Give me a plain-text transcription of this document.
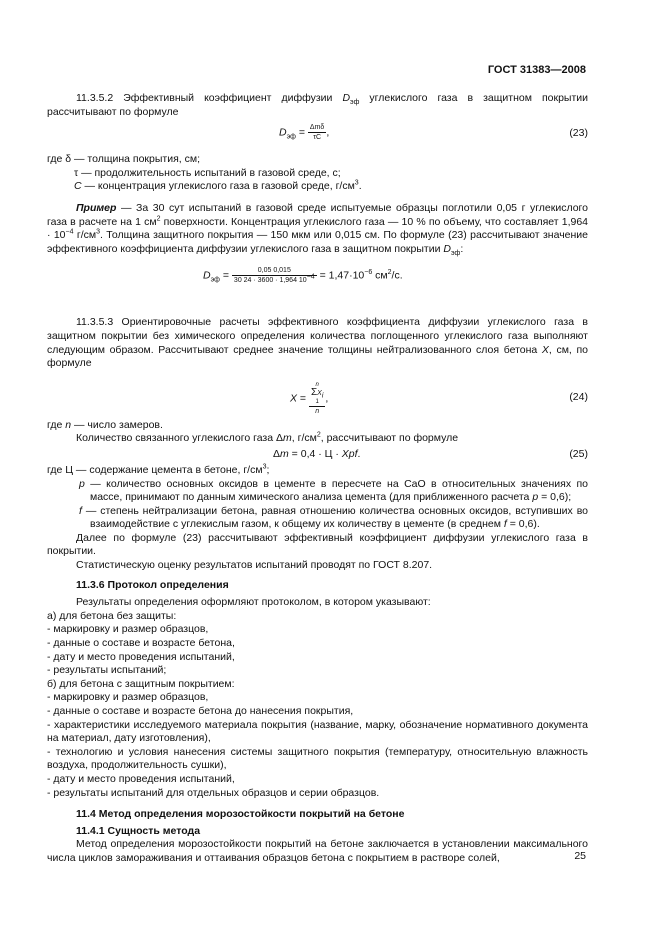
ГОСТ 31383—2008

11.3.5.2 Эффективный коэффициент диффузии $D_{эф}$ углекислого газа в защитном покрытии рассчитывают по формуле

$D_{эф} = \frac{\text{Δmδ}}{\tau C}$ ,	(23)

где δ — толщина покрытия, см;

τ — продолжительность испытаний в газовой среде, с;

C — концентрация углекислого газа в газовой среде, $г/см^3$.

Пример — За 30 сут испытаний в газовой среде испытуемые образцы поглотили 0,05 г углекислого газа в расчете на 1 $см^2$ поверхности. Концентрация углекислого газа — 10 % по объему, что составляет $1,964 \cdot 10^{-4}$ $г/см^3$. Толщина защитного покрытия — 150 мкм или 0,015 см. По формуле (23) рассчитывают значение эффективного коэффициента диффузии углекислого газа в защитном покрытии $D_{эф}$:

$D_{эф} = \frac{0,05 0,015}{30 24 \cdot 3600 \cdot 1,964 10^{-4}} = 1,47\cdot 10^{-6}$ $см^2/с$.

11.3.5.3 Ориентировочные расчеты эффективного коэффициента диффузии углекислого газа в защитном покрытии без химического определения количества поглощенного углекислого газа выполняют следующим образом. Рассчитывают среднее значение толщины нейтрализованного слоя бетона X, см, по формуле

X = n
$\Sigma X_i$
1
n ,	(24)

где n — число замеров.

Количество связанного углекислого газа Δm, $г/см^2$, рассчитывают по формуле

Δm = 0,4 · Ц · Xpf.	(25)

где Ц — содержание цемента в бетоне, $г/см^3$;

p — количество основных оксидов в цементе в пересчете на CaO в относительных значениях по массе, принимают по данным химического анализа цемента (для приближенного расчета p = 0,6);

f — степень нейтрализации бетона, равная отношению количества основных оксидов, вступивших во взаимодействие с углекислым газом, к общему их количеству в цементе (в среднем f = 0,6).

Далее по формуле (23) рассчитывают эффективный коэффициент диффузии углекислого газа в покрытии.

Статистическую оценку результатов испытаний проводят по ГОСТ 8.207.

11.3.6 Протокол определения

Результаты определения оформляют протоколом, в котором указывают:

а) для бетона без защиты:

- маркировку и размер образцов,

- данные о составе и возрасте бетона,

- дату и место проведения испытаний,

- результаты испытаний;

б) для бетона с защитным покрытием:

- маркировку и размер образцов,

- данные о составе и возрасте бетона до нанесения покрытия,

- характеристики исследуемого материала покрытия (название, марку, обозначение нормативного документа на материал, дату изготовления),

- технологию и условия нанесения системы защитного покрытия (температуру, относительную влажность воздуха, продолжительность сушки),

- дату и место проведения испытаний,

- результаты испытаний для отдельных образцов и серии образцов.

11.4 Метод определения морозостойкости покрытий на бетоне

11.4.1 Сущность метода

Метод определения морозостойкости покрытий на бетоне заключается в установлении максимального числа циклов замораживания и оттаивания образцов бетона с покрытием в растворе солей,	25
